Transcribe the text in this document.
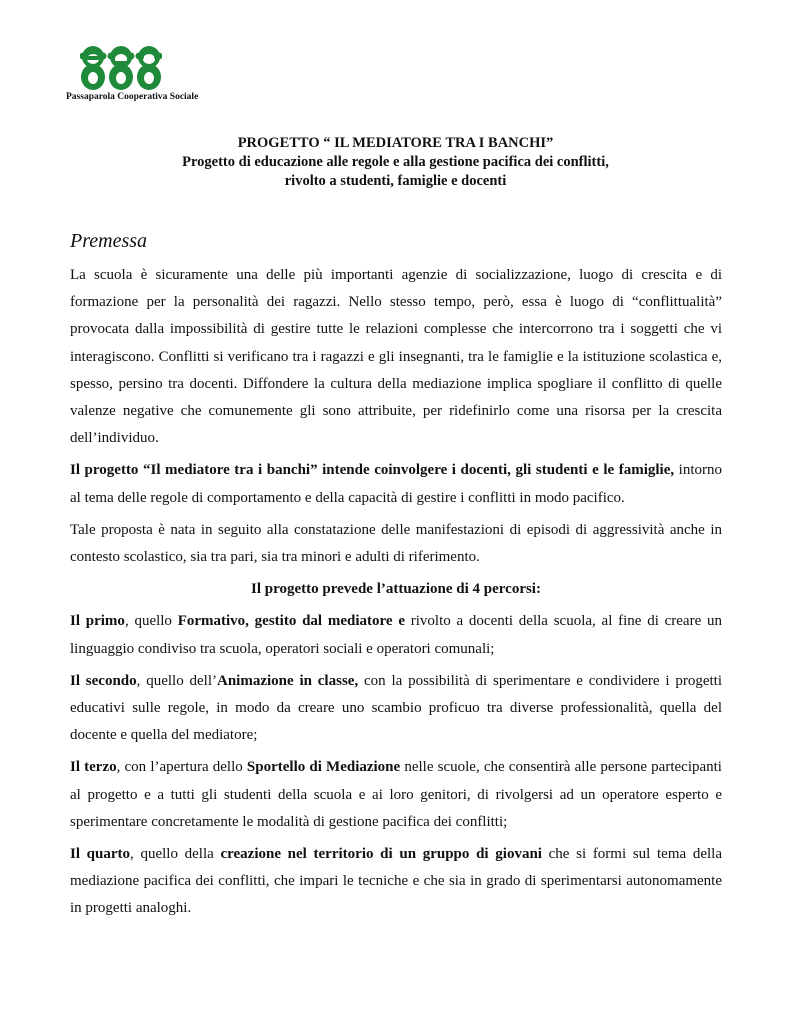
Passaparola Cooperativa Sociale
PROGETTO “ IL MEDIATORE TRA I BANCHI”
Progetto di educazione alle regole e alla gestione pacifica dei conflitti,
rivolto a studenti, famiglie e docenti
Premessa

La scuola è sicuramente una delle più importanti agenzie di socializzazione, luogo di crescita e di formazione per la personalità dei ragazzi. Nello stesso tempo, però, essa è luogo di “conflittualità” provocata dalla impossibilità di gestire tutte le relazioni complesse che intercorrono tra i soggetti che vi interagiscono. Conflitti si verificano tra i ragazzi e gli insegnanti, tra le famiglie e la istituzione scolastica e, spesso, persino tra docenti. Diffondere la cultura della mediazione implica spogliare il conflitto di quelle valenze negative che comunemente gli sono attribuite, per ridefinirlo come una risorsa per la crescita dell’individuo.

Il progetto “Il mediatore tra i banchi” intende coinvolgere i docenti, gli studenti e le famiglie, intorno al tema delle regole di comportamento e della capacità di gestire i conflitti in modo pacifico.

Tale proposta è nata in seguito alla constatazione delle manifestazioni di episodi di aggressività anche in contesto scolastico, sia tra pari, sia tra minori e adulti di riferimento.

Il progetto prevede l’attuazione di 4 percorsi:

Il primo, quello Formativo, gestito dal mediatore e rivolto a docenti della scuola, al fine di creare un linguaggio condiviso tra scuola, operatori sociali e operatori comunali;

Il secondo, quello dell’Animazione in classe, con la possibilità di sperimentare e condividere i progetti educativi sulle regole, in modo da creare uno scambio proficuo tra diverse professionalità, quella del docente e quella del mediatore;

Il terzo, con l’apertura dello Sportello di Mediazione nelle scuole, che consentirà alle persone partecipanti al progetto e a tutti gli studenti della scuola e ai loro genitori, di rivolgersi ad un operatore esperto e sperimentare concretamente le modalità di gestione pacifica dei conflitti;

Il quarto, quello della creazione nel territorio di un gruppo di giovani che si formi sul tema della mediazione pacifica dei conflitti, che impari le tecniche e che sia in grado di sperimentarsi autonomamente in progetti analoghi.
